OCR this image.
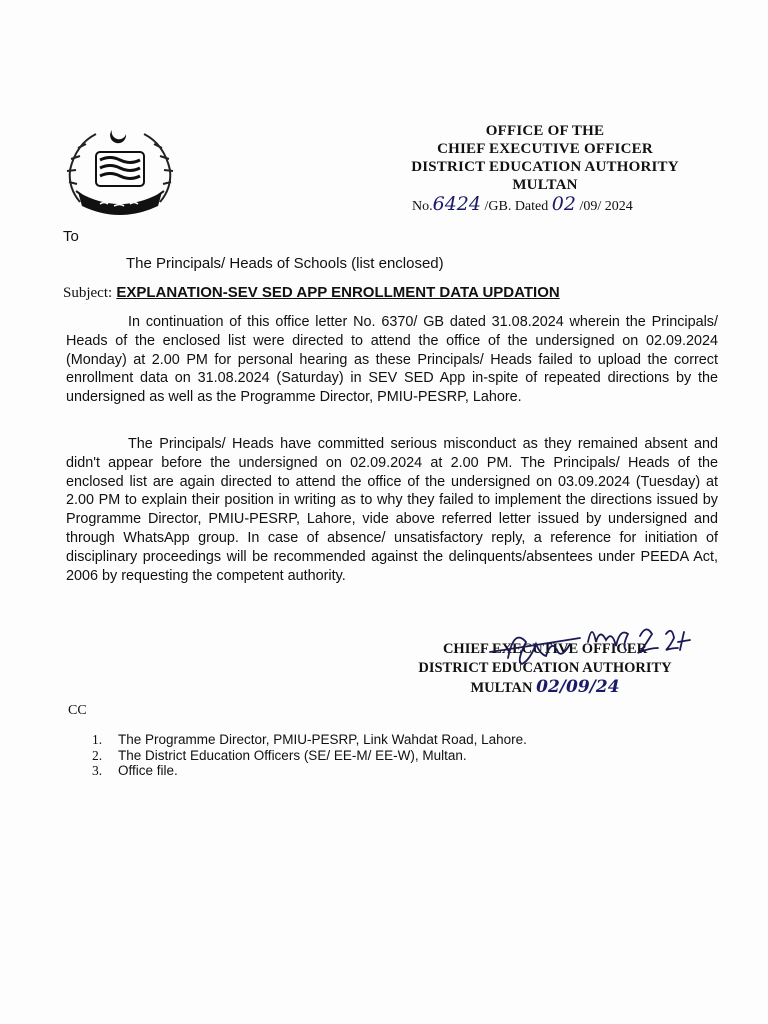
OFFICE OF THE
CHIEF EXECUTIVE OFFICER
DISTRICT EDUCATION AUTHORITY
MULTAN
No.6424 /GB. Dated 02 /09/ 2024
To
The Principals/ Heads of Schools (list enclosed)
Subject: EXPLANATION-SEV SED APP ENROLLMENT DATA UPDATION

In continuation of this office letter No. 6370/ GB dated 31.08.2024 wherein the Principals/ Heads of the enclosed list were directed to attend the office of the undersigned on 02.09.2024 (Monday) at 2.00 PM for personal hearing as these Principals/ Heads failed to upload the correct enrollment data on 31.08.2024 (Saturday) in SEV SED App in-spite of repeated directions by the undersigned as well as the Programme Director, PMIU-PESRP, Lahore.

The Principals/ Heads have committed serious misconduct as they remained absent and didn't appear before the undersigned on 02.09.2024 at 2.00 PM. The Principals/ Heads of the enclosed list are again directed to attend the office of the undersigned on 03.09.2024 (Tuesday) at 2.00 PM to explain their position in writing as to why they failed to implement the directions issued by Programme Director, PMIU-PESRP, Lahore, vide above referred letter issued by undersigned and through WhatsApp group. In case of absence/ unsatisfactory reply, a reference for initiation of disciplinary proceedings will be recommended against the delinquents/absentees under PEEDA Act, 2006 by requesting the competent authority.

CHIEF EXECUTIVE OFFICER
DISTRICT EDUCATION AUTHORITY
MULTAN 02/09/24
CC
1. The Programme Director, PMIU-PESRP, Link Wahdat Road, Lahore.
2. The District Education Officers (SE/ EE-M/ EE-W), Multan.
3. Office file.
